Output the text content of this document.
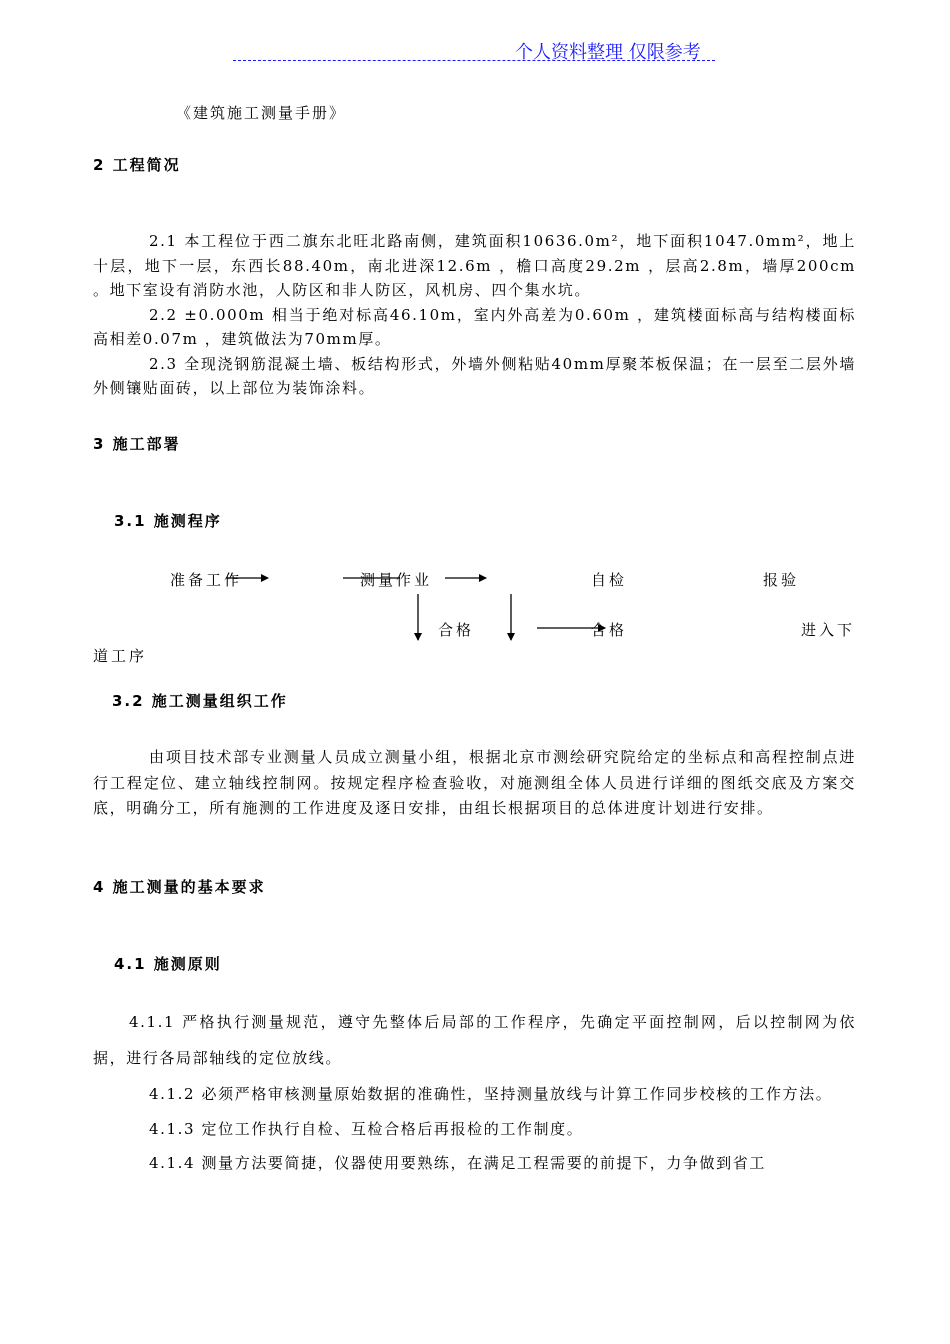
个人资料整理 仅限参考
《建筑施工测量手册》
2 工程简况

2.1 本工程位于西二旗东北旺北路南侧，建筑面积10636.0m²，地下面积1047.0mm²，地上十层，地下一层，东西长88.40m，南北进深12.6m ，檐口高度29.2m ，层高2.8m，墙厚200cm 。地下室设有消防水池，人防区和非人防区，风机房、四个集水坑。

2.2 ±0.000m 相当于绝对标高46.10m，室内外高差为0.60m ，建筑楼面标高与结构楼面标高相差0.07m ，建筑做法为70mm厚。

2.3 全现浇钢筋混凝土墙、板结构形式，外墙外侧粘贴40mm厚聚苯板保温；在一层至二层外墙外侧镶贴面砖，以上部位为装饰涂料。

3 施工部署
3.1 施测程序
准备工作	测量作业	自检	报验
合格	合格	进入下
道工序
3.2 施工测量组织工作

由项目技术部专业测量人员成立测量小组，根据北京市测绘研究院给定的坐标点和高程控制点进行工程定位、建立轴线控制网。按规定程序检查验收，对施测组全体人员进行详细的图纸交底及方案交底，明确分工，所有施测的工作进度及逐日安排，由组长根据项目的总体进度计划进行安排。

4 施工测量的基本要求
4.1 施测原则

4.1.1 严格执行测量规范，遵守先整体后局部的工作程序，先确定平面控制网，后以控制网为依据，进行各局部轴线的定位放线。

4.1.2 必须严格审核测量原始数据的准确性，坚持测量放线与计算工作同步校核的工作方法。

4.1.3 定位工作执行自检、互检合格后再报检的工作制度。

4.1.4 测量方法要简捷，仪器使用要熟练，在满足工程需要的前提下，力争做到省工
